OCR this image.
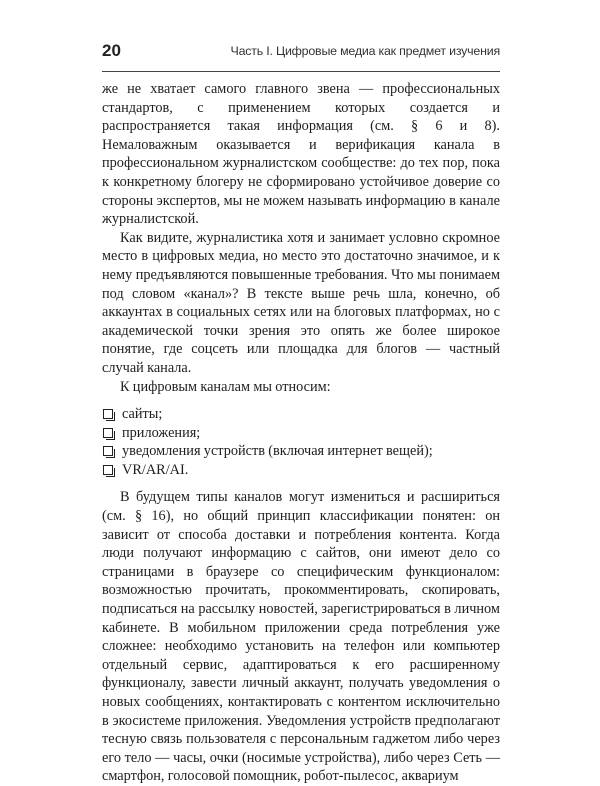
20	Часть I. Цифровые медиа как предмет изучения

же не хватает самого главного звена — профессиональных стандартов, с применением которых создается и распространяется такая информация (см. § 6 и 8). Немаловажным оказывается и верификация канала в профессиональном журналистском сообществе: до тех пор, пока к конкретному блогеру не сформировано устойчивое доверие со стороны экспертов, мы не можем называть информацию в канале журналистской.

Как видите, журналистика хотя и занимает условно скромное место в цифровых медиа, но место это достаточно значимое, и к нему предъявляются повышенные требования. Что мы понимаем под словом «канал»? В тексте выше речь шла, конечно, об аккаунтах в социальных сетях или на блоговых платформах, но с академической точки зрения это опять же более широкое понятие, где соцсеть или площадка для блогов — частный случай канала.

К цифровым каналам мы относим:

сайты;
приложения;
уведомления устройств (включая интернет вещей);
VR/AR/AI.

В будущем типы каналов могут измениться и расшириться (см. § 16), но общий принцип классификации понятен: он зависит от способа доставки и потребления контента. Когда люди получают информацию с сайтов, они имеют дело со страницами в браузере со специфическим функционалом: возможностью прочитать, прокомментировать, скопировать, подписаться на рассылку новостей, зарегистрироваться в личном кабинете. В мобильном приложении среда потребления уже сложнее: необходимо установить на телефон или компьютер отдельный сервис, адаптироваться к его расширенному функционалу, завести личный аккаунт, получать уведомления о новых сообщениях, контактировать с контентом исключительно в экосистеме приложения. Уведомления устройств предполагают тесную связь пользователя с персональным гаджетом либо через его тело — часы, очки (носимые устройства), либо через Сеть — смартфон, голосовой помощник, робот-пылесос, аквариум
